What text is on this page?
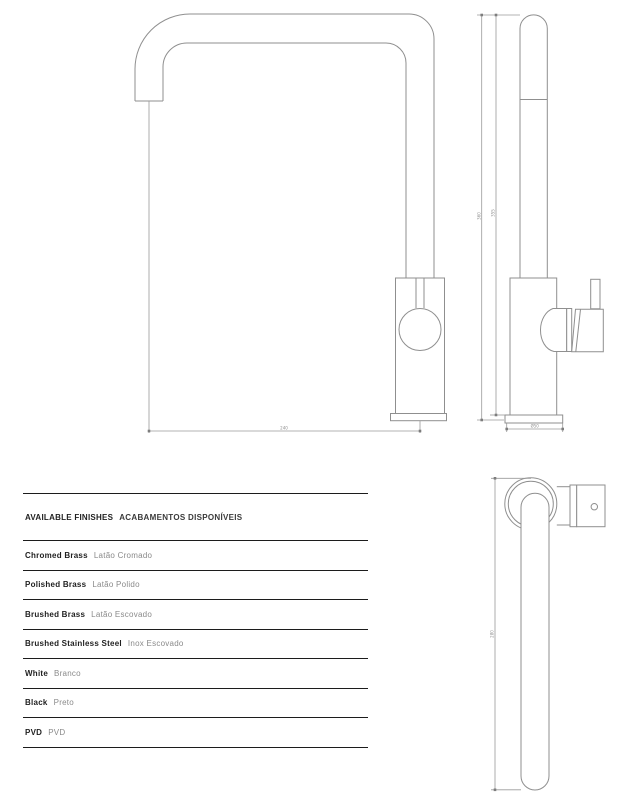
240
360 355
Ø50
280
AVAILABLE FINISHES ACABAMENTOS DISPONÍVEIS
Chromed Brass Latão Cromado
Polished Brass Latão Polido
Brushed Brass Latão Escovado
Brushed Stainless Steel Inox Escovado
White Branco
Black Preto
PVD PVD
